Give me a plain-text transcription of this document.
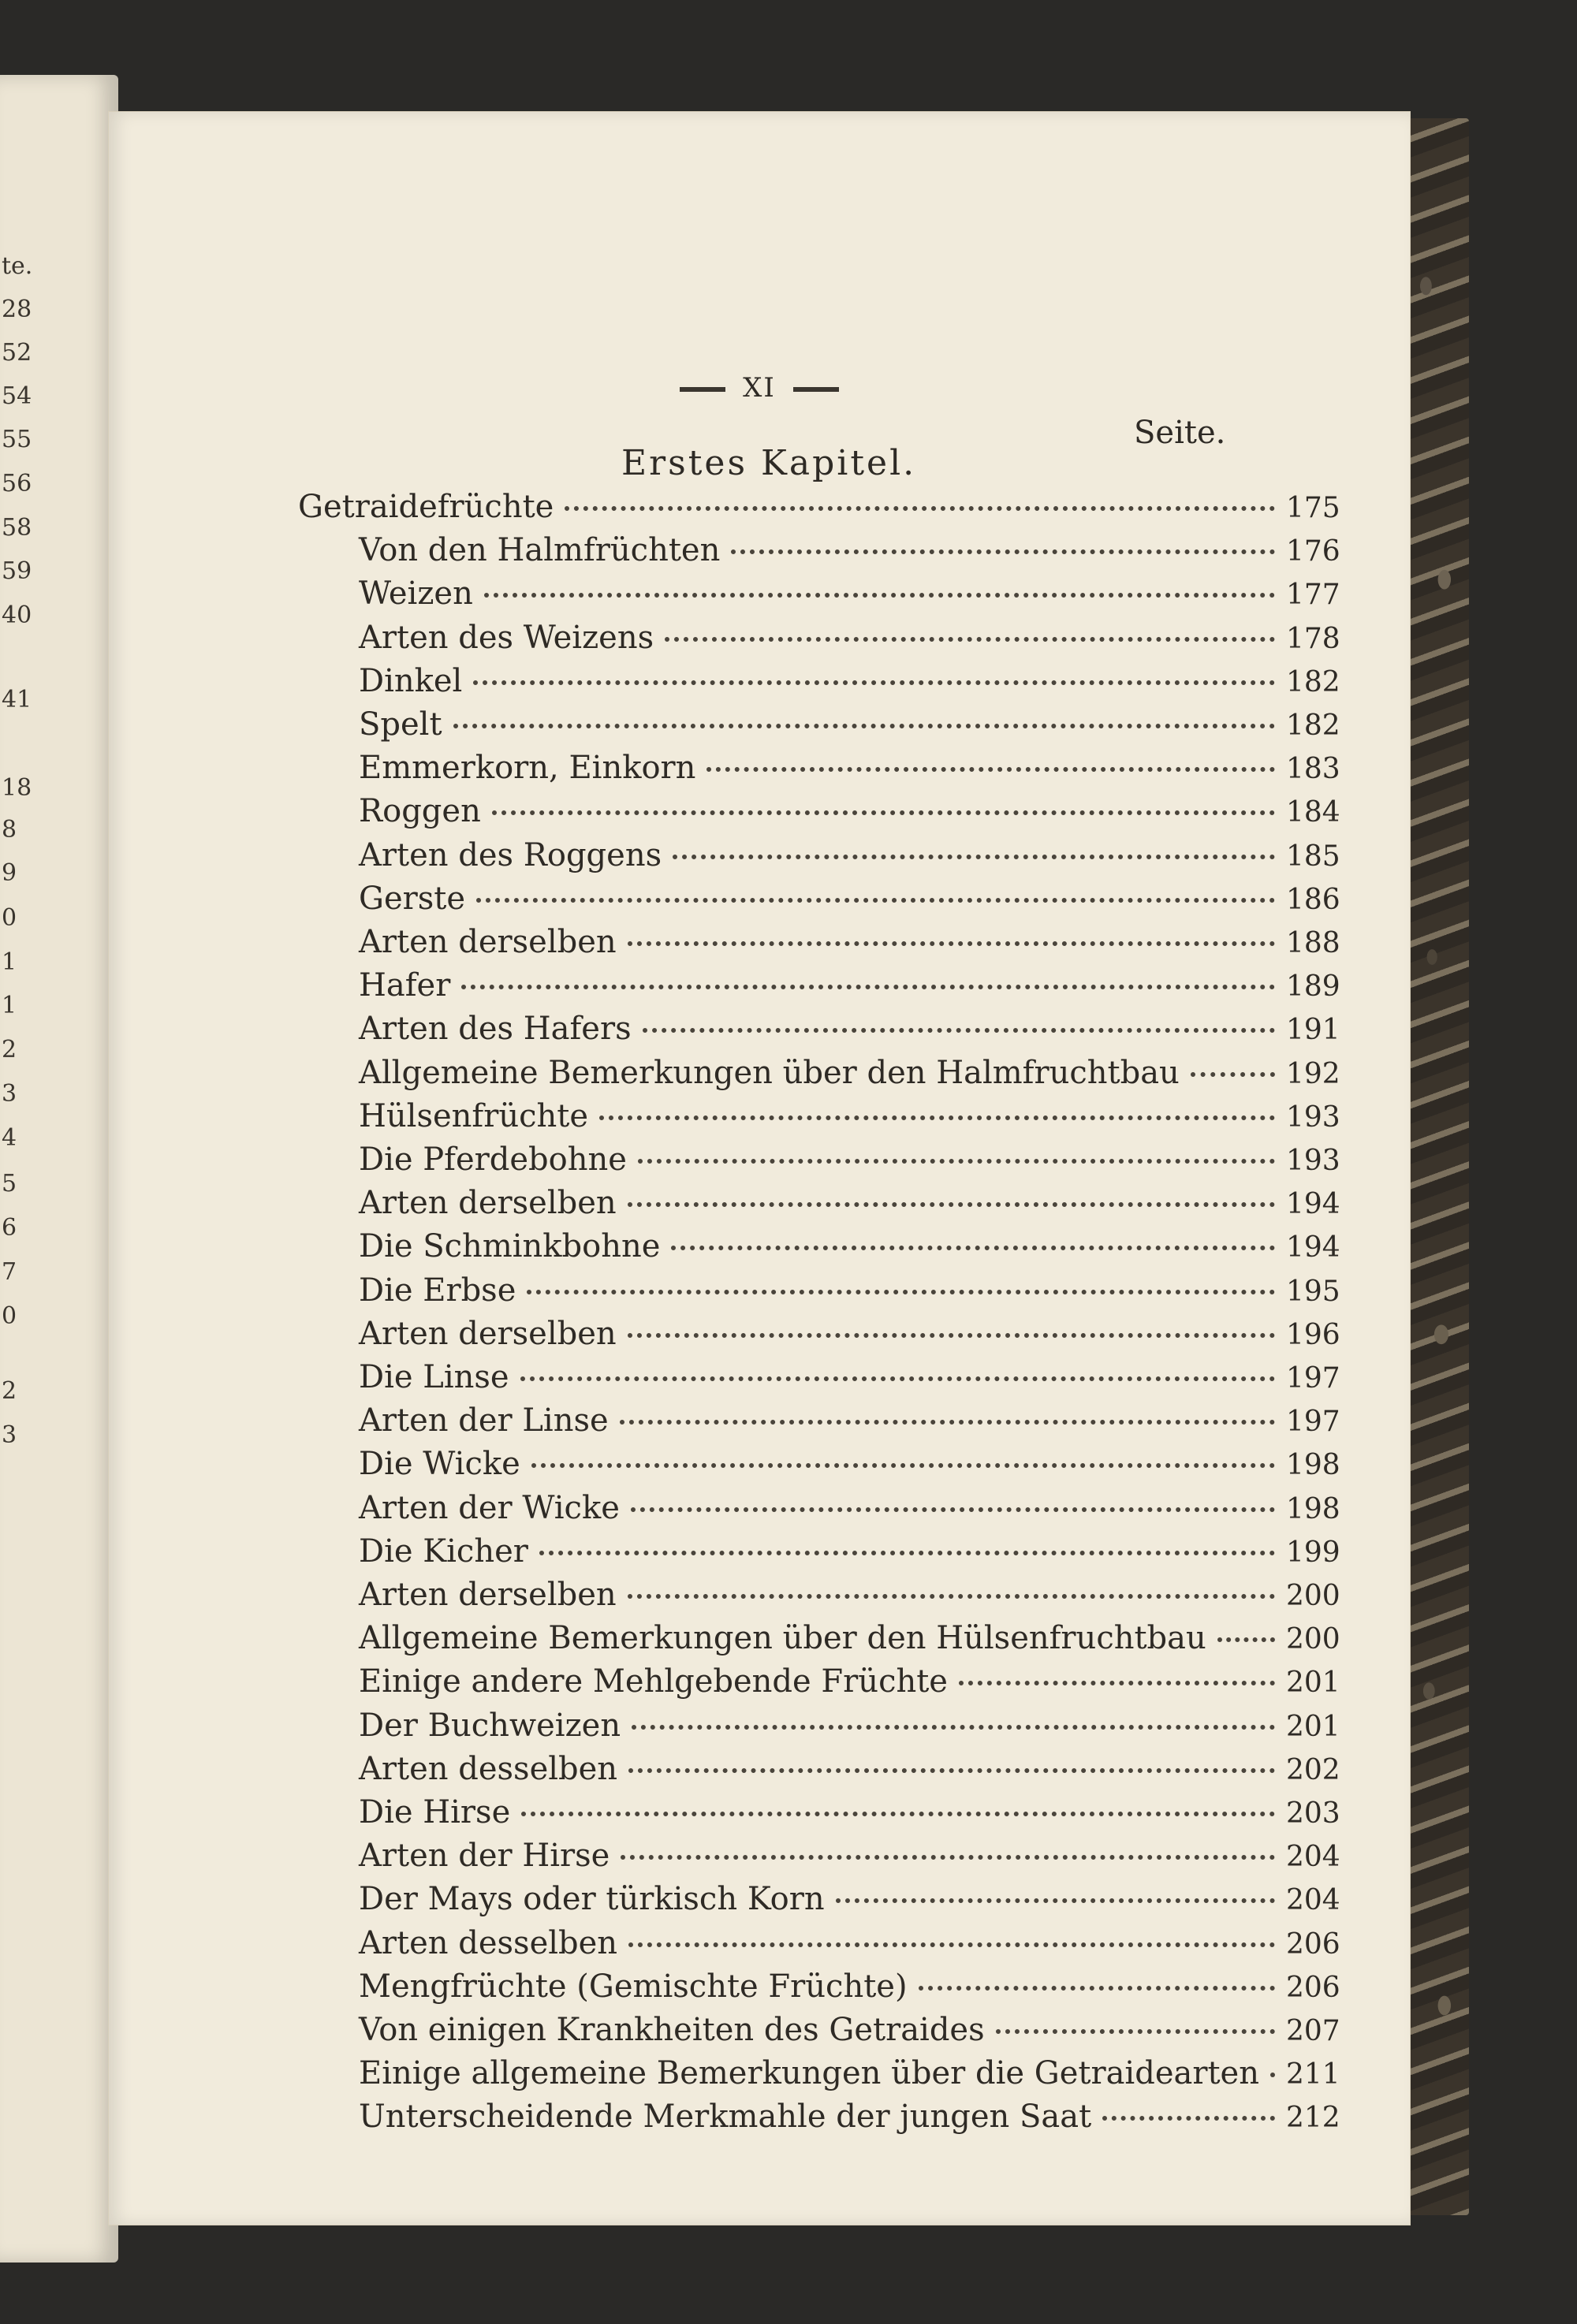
te.
28
52
54
55
56
58
59
40
41
18
8
9
0
1
1
2
3
4
5
6
7
0
2
3
XI
Seite.
Erstes Kapitel.
Getraidefrüchte	175
Von den Halmfrüchten	176
Weizen	177
Arten des Weizens	178
Dinkel	182
Spelt	182
Emmerkorn, Einkorn	183
Roggen	184
Arten des Roggens	185
Gerste	186
Arten derselben	188
Hafer	189
Arten des Hafers	191
Allgemeine Bemerkungen über den Halmfruchtbau	192
Hülsenfrüchte	193
Die Pferdebohne	193
Arten derselben	194
Die Schminkbohne	194
Die Erbse	195
Arten derselben	196
Die Linse	197
Arten der Linse	197
Die Wicke	198
Arten der Wicke	198
Die Kicher	199
Arten derselben	200
Allgemeine Bemerkungen über den Hülsenfruchtbau	200
Einige andere Mehlgebende Früchte	201
Der Buchweizen	201
Arten desselben	202
Die Hirse	203
Arten der Hirse	204
Der Mays oder türkisch Korn	204
Arten desselben	206
Mengfrüchte (Gemischte Früchte)	206
Von einigen Krankheiten des Getraides	207
Einige allgemeine Bemerkungen über die Getraidearten 211
Unterscheidende Merkmahle der jungen Saat	212
